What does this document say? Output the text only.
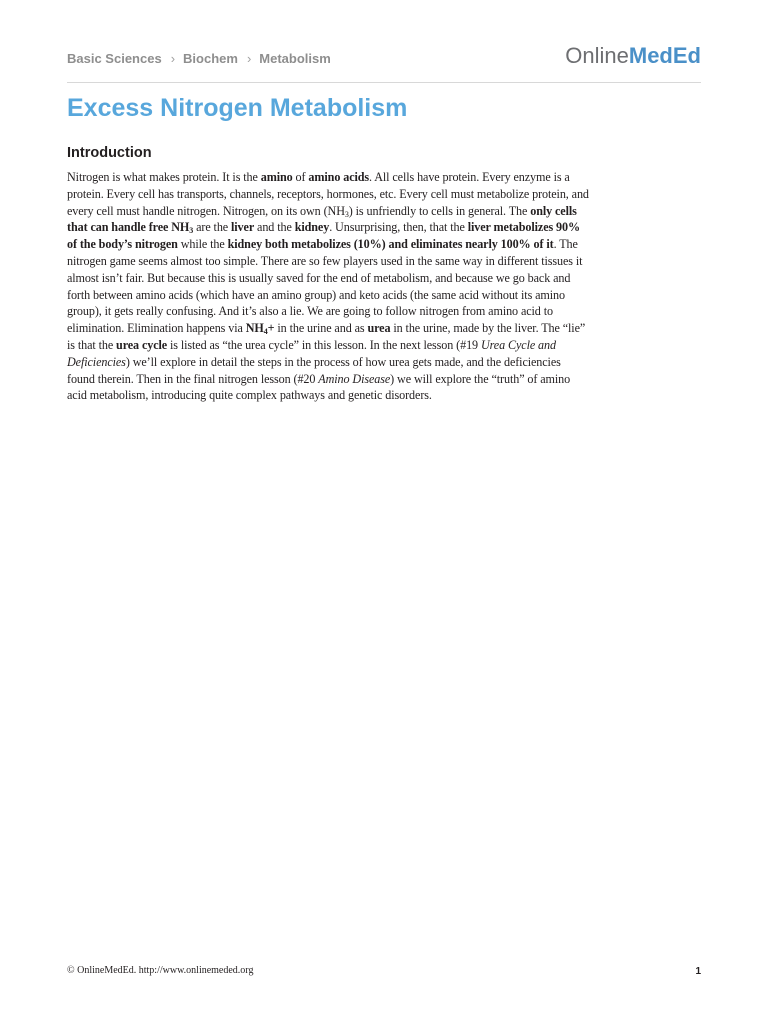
Basic Sciences › Biochem › Metabolism	OnlineMedEd
Excess Nitrogen Metabolism
Introduction

Nitrogen is what makes protein. It is the amino of amino acids. All cells have protein. Every enzyme is a protein. Every cell has transports, channels, receptors, hormones, etc. Every cell must metabolize protein, and every cell must handle nitrogen. Nitrogen, on its own $(NH_3)$ is unfriendly to cells in general. The only cells that can handle free $NH_3$ are the liver and the kidney. Unsurprising, then, that the liver metabolizes 90% of the body’s nitrogen while the kidney both metabolizes (10%) and eliminates nearly 100% of it. The nitrogen game seems almost too simple. There are so few players used in the same way in different tissues it almost isn’t fair. But because this is usually saved for the end of metabolism, and because we go back and forth between amino acids (which have an amino group) and keto acids (the same acid without its amino group), it gets really confusing. And it’s also a lie. We are going to follow nitrogen from amino acid to elimination. Elimination happens via $NH_4+$ in the urine and as urea in the urine, made by the liver. The “lie” is that the urea cycle is listed as “the urea cycle” in this lesson. In the next lesson (#19 Urea Cycle and Deficiencies) we’ll explore in detail the steps in the process of how urea gets made, and the deficiencies found therein. Then in the final nitrogen lesson (#20 Amino Disease) we will explore the “truth” of amino acid metabolism, introducing quite complex pathways and genetic disorders.

© OnlineMedEd. http://www.onlinemeded.org	1
